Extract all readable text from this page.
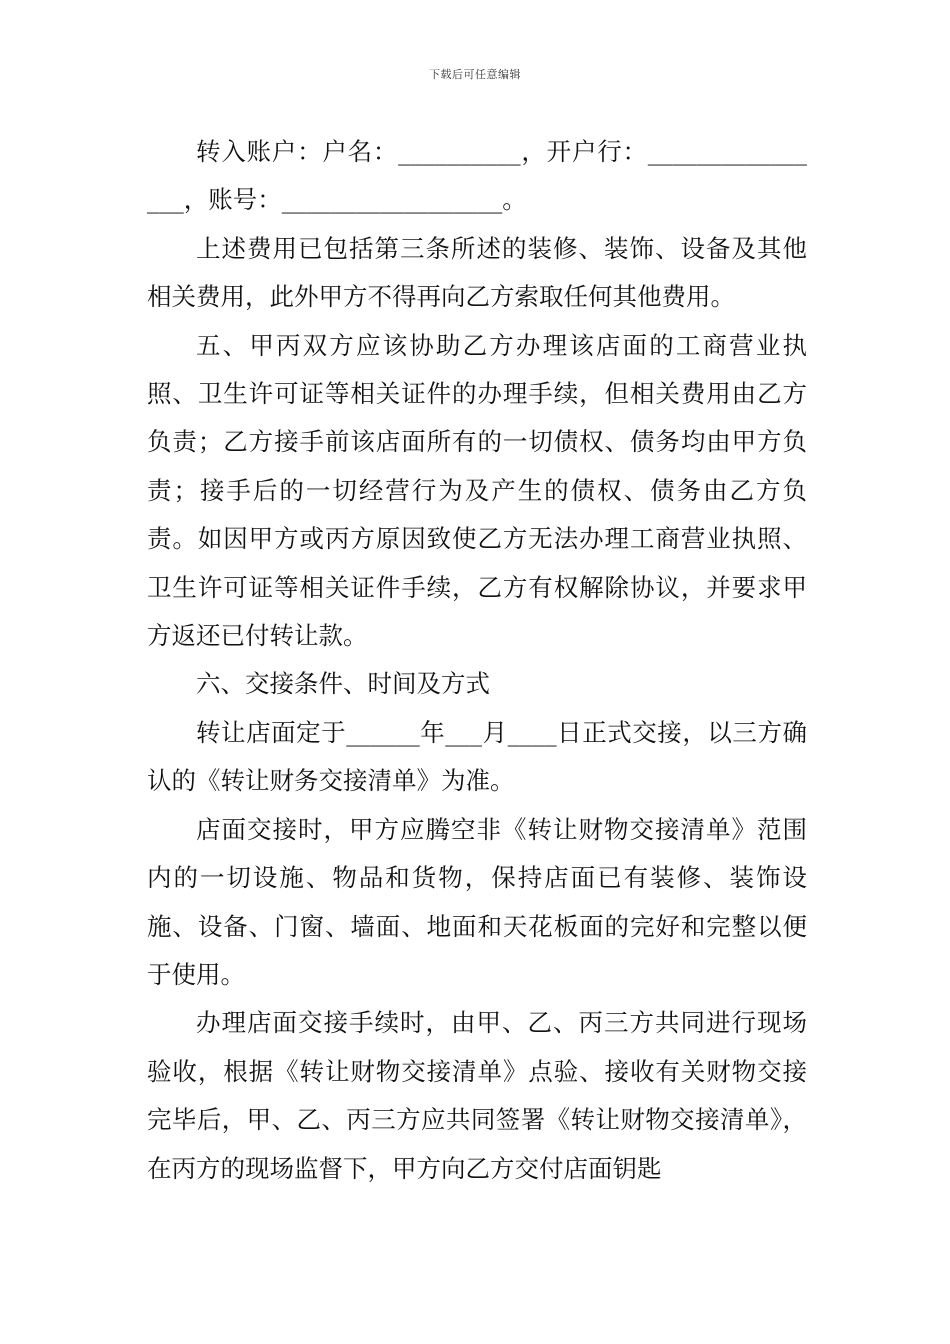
下载后可任意编辑

转入账户：户名：__________，开户行：________________，账号：__________________。

上述费用已包括第三条所述的装修、装饰、设备及其他相关费用，此外甲方不得再向乙方索取任何其他费用。

五、甲丙双方应该协助乙方办理该店面的工商营业执照、卫生许可证等相关证件的办理手续，但相关费用由乙方负责；乙方接手前该店面所有的一切债权、债务均由甲方负责；接手后的一切经营行为及产生的债权、债务由乙方负责。如因甲方或丙方原因致使乙方无法办理工商营业执照、卫生许可证等相关证件手续，乙方有权解除协议，并要求甲方返还已付转让款。

六、交接条件、时间及方式

转让店面定于______年___月____日正式交接，以三方确认的《转让财务交接清单》为准。

店面交接时，甲方应腾空非《转让财物交接清单》范围内的一切设施、物品和货物，保持店面已有装修、装饰设施、设备、门窗、墙面、地面和天花板面的完好和完整以便于使用。

办理店面交接手续时，由甲、乙、丙三方共同进行现场验收，根据《转让财物交接清单》点验、接收有关财物交接完毕后，甲、乙、丙三方应共同签署《转让财物交接清单》，在丙方的现场监督下，甲方向乙方交付店面钥匙
